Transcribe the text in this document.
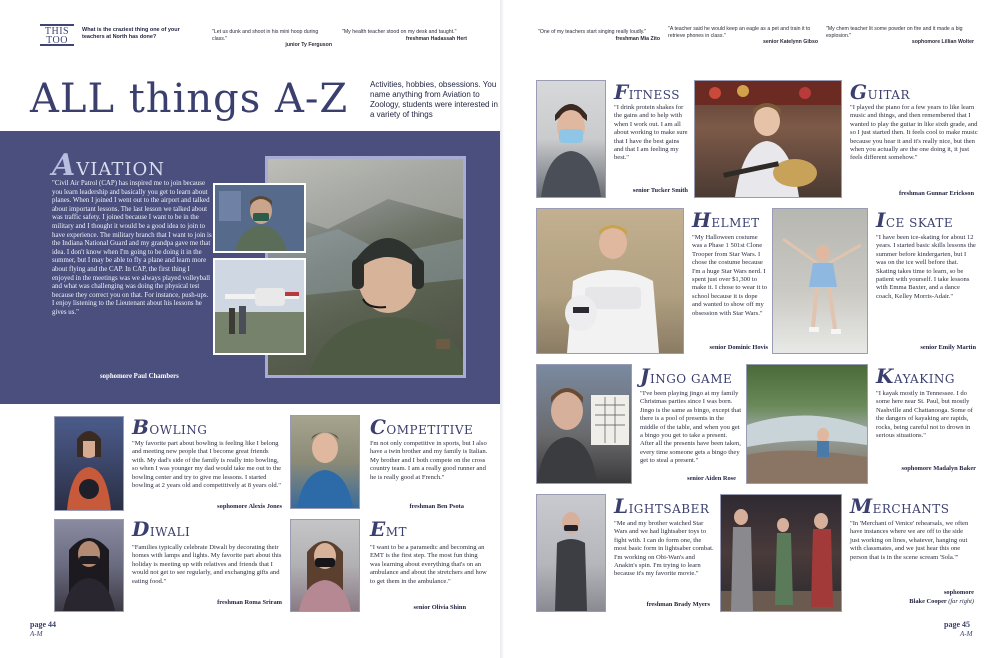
THIS
TOO
What is the craziest thing one of your teachers at North has done?
"Let us dunk and shoot in his mini hoop during class."
junior Ty Ferguson
"My health teacher stood on my desk and taught."
freshman Hadassah Hert
"One of my teachers start singing really loudly."
freshman Mia Zito
"A teacher said he would keep an eagle as a pet and train it to retrieve phones in class."
senior Katelynn Gibso
"My chem teacher lit some powder on fire and it made a big explosion."
sophomore Lillian Wolter
ALL things A-Z	Activities, hobbies, obsessions. You name anything from Aviation to Zoology, students were interested in a variety of things
AVIATION
"Civil Air Patrol (CAP) has inspired me to join because you learn leadership and basically you get to learn about planes. When I joined I went out to the airport and talked about important lessons. The last lesson we talked about was traffic safety. I joined because I want to be in the military and I thought it would be a good idea to join to have experience. The military branch that I want to join is the Indiana National Guard and my grandpa gave me that idea. I don't know when I'm going to be doing it in the summer, but I may be able to fly a plane and learn more about flying and the CAP. In CAP, the first thing I enjoyed in the meetings was we always played volleyball and what was challenging was doing the physical test because they correct you on that. For instance, push-ups. I enjoy listening to the Lieutenant about his lessons he gives us."
sophomore Paul Chambers
BOWLING
"My favorite part about bowling is feeling like I belong and meeting new people that I become great friends with. My dad's side of the family is really into bowling, so when I was younger my dad would take me out to the bowling center and try to give me lessons. I started bowling at 2 years old and competitively at 8 years old."
sophomore Alexis Jones
COMPETITIVE
I'm not only competitive in sports, but I also have a twin brother and my family is Italian. My brother and I both compete on the cross country team. I am a really good runner and he is really good at French."
freshman Ben Psota
DIWALI
"Families typically celebrate Diwali by decorating their homes with lamps and lights. My favorite part about this holiday is meeting up with relatives and friends that I would not get to see regularly, and exchanging gifts and eating food."
freshman Roma Sriram
EMT
"I want to be a paramedic and becoming an EMT is the first step. The most fun thing was learning about everything that's on an ambulance and about the stretchers and how to get them in the ambulance."
senior Olivia Shinn
page 44
A-M
FITNESS
"I drink protein shakes for the gains and to help with when I work out. I am all about working to make sure that I have the best gains and that I am feeling my best."
senior Tucker Smith
GUITAR
"I played the piano for a few years to like learn music and things, and then remembered that I wanted to play the guitar in like sixth grade, and so I just started then. It feels cool to make music because you hear it and it's really nice, but then when you actually are the one doing it, it just feels different somehow."
freshman Gunnar Erickson
HELMET
"My Halloween costume was a Phase 1 501st Clone Trooper from Star Wars. I chose the costume because I'm a huge Star Wars nerd. I spent just over $1,300 to make it. I chose to wear it to school because it is dope and wanted to show off my obsession with Star Wars."
senior Dominic Hovis
ICE SKATE
"I have been ice-skating for about 12 years. I started basic skills lessons the summer before kindergarten, but I was on the ice well before that. Skating takes time to learn, so be patient with yourself. I take lessons with Emma Baxter, and a dance coach, Kelley Morris-Adair."
senior Emily Martin
JINGO GAME
"I've been playing jingo at my family Christmas parties since I was born. Jingo is the same as bingo, except that there is a pool of presents in the middle of the table, and when you get a bingo you get to take a present. After all the presents have been taken, every time someone gets a bingo they get to steal a present."
senior Aiden Rose
KAYAKING
"I kayak mostly in Tennessee. I do some here near St. Paul, but mostly Nashville and Chattanooga. Some of the dangers of kayaking are rapids, rocks, being careful not to drown in serious situations."
sophomore Madalyn Baker
LIGHTSABER
"Me and my brother watched Star Wars and we had lightsaber toys to fight with. I can do form one, the most basic form in lightsaber combat. I'm working on Obi-Wan's and Anakin's spin. I'm trying to learn because it's my favorite movie."
freshman Brady Myers
MERCHANTS
"In 'Merchant of Venice' rehearsals, we often have instances where we are off to the side just working on lines, whatever, hanging out with classmates, and we just hear this one person that is in the scene scream 'Sola.'"
sophomore
Blake Cooper (far right)
page 45
A-M
